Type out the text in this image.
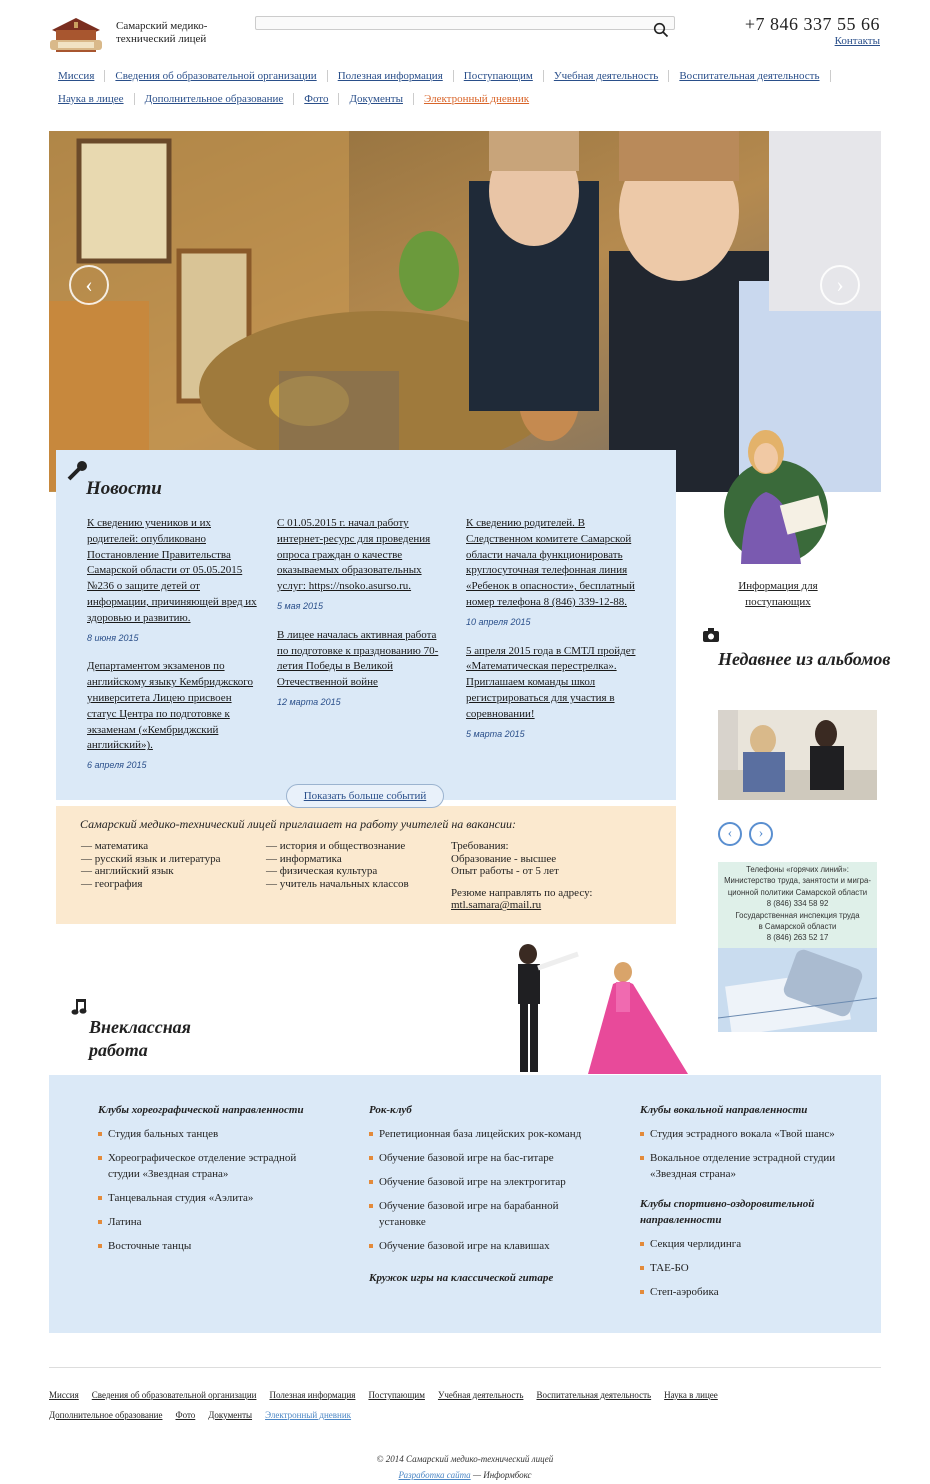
Самарский медико-технический лицей
+7 846 337 55 66
Контакты
Миссия Сведения об образовательной организации Полезная информация Поступающим Учебная деятельность Воспитательная деятельность
Наука в лицее Дополнительное образование Фото Документы Электронный дневник
‹	›
Новости
К сведению учеников и их родителей: опубликовано Постановление Правительства Самарской области от 05.05.2015 №236 о защите детей от информации, причиняющей вред их здоровью и развитию.
8 июня 2015
Департаментом экзаменов по английскому языку Кембриджского университета Лицею присвоен статус Центра по подготовке к экзаменам («Кембриджский английский»).
6 апреля 2015
С 01.05.2015 г. начал работу интернет-ресурс для проведения опроса граждан о качестве оказываемых образовательных услуг: https://nsoko.asurso.ru.
5 мая 2015
В лицее началась активная работа по подготовке к празднованию 70-летия Победы в Великой Отечественной войне
12 марта 2015
К сведению родителей. В Следственном комитете Самарской области начала функционировать круглосуточная телефонная линия «Ребенок в опасности», бесплатный номер телефона 8 (846) 339-12-88.
10 апреля 2015
5 апреля 2015 года в СМТЛ пройдет «Математическая перестрелка». Приглашаем команды школ регистрироваться для участия в соревновании!
5 марта 2015
Показать больше событий
Самарский медико-технический лицей приглашает на работу учителей на вакансии:
— математика
— русский язык и литература
— английский язык
— география
— история и обществознание
— информатика
— физическая культура
— учитель начальных классов
Требования:
Образование - высшее
Опыт работы - от 5 лет
Резюме направлять по адресу:
mtl.samara@mail.ru
Информация для поступающих
Недавнее из альбомов
‹	›
Телефоны «горячих линий»:
Министерство труда, занятости и мигра-
ционной политики Самарской области
8 (846) 334 58 92
Государственная инспекция труда
в Самарской области
8 (846) 263 52 17
Внеклассная работа
Клубы хореографической направленности
Студия бальных танцев
Хореографическое отделение эстрадной студии «Звездная страна»
Танцевальная студия «Аэлита»
Латина
Восточные танцы
Рок-клуб
Репетиционная база лицейских рок-команд
Обучение базовой игре на бас-гитаре
Обучение базовой игре на электрогитар
Обучение базовой игре на барабанной установке
Обучение базовой игре на клавишах
Кружок игры на классической гитаре
Клубы вокальной направленности
Студия эстрадного вокала «Твой шанс»
Вокальное отделение эстрадной студии «Звездная страна»
Клубы спортивно-оздоровительной направленности
Секция черлидинга
ТАЕ-БО
Степ-аэробика
Миссия Сведения об образовательной организации Полезная информация Поступающим Учебная деятельность Воспитательная деятельность Наука в лицее
Дополнительное образование Фото Документы Электронный дневник
© 2014 Самарский медико-технический лицей
Разработка сайта — Информбокс
